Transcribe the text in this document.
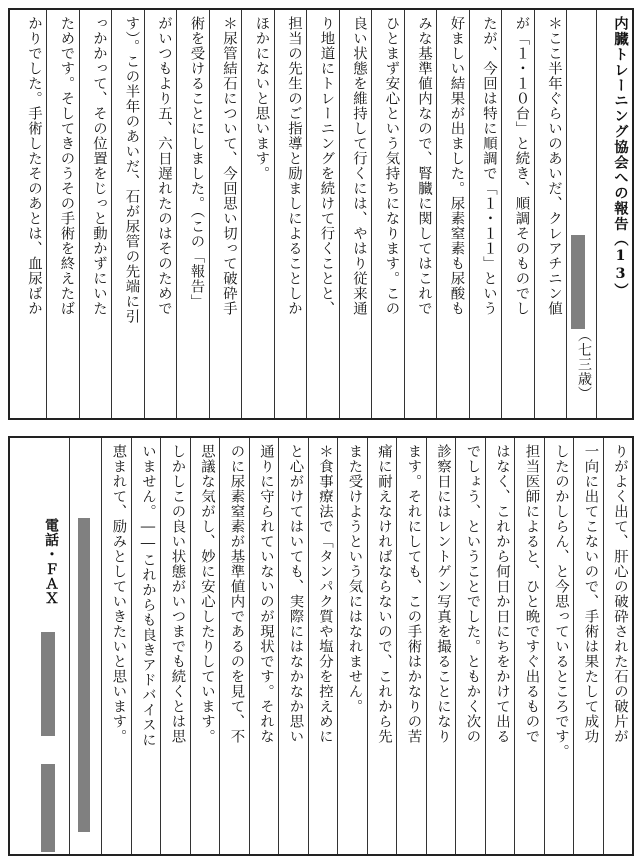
内臓トレーニング協会への報告（13）
（七三歳）
＊ここ半年ぐらいのあいだ、クレアチニン値
が「１・１０台」と続き、順調そのものでし
たが、今回は特に順調で「１・１１」という
好ましい結果が出ました。尿素窒素も尿酸も
みな基準値内なので、腎臓に関してはこれで
ひとまず安心という気持ちになります。この
良い状態を維持して行くには、やはり従来通
り地道にトレーニングを続けて行くことと、
担当の先生のご指導と励ましによることしか
ほかにないと思います。
＊尿管結石について、今回思い切って破砕手
術を受けることにしました。（この「報告」
がいつもより五、六日遅れたのはそのためで
す）。この半年のあいだ、石が尿管の先端に引
っかかって、その位置をじっと動かずにいた
ためです。そしてきのうその手術を終えたば
かりでした。手術したそのあとは、血尿ばか
りがよく出て、肝心の破砕された石の破片が
一向に出てこないので、手術は果たして成功
したのかしらん、と今思っているところです。
担当医師によると、ひと晩ですぐ出るもので
はなく、これから何日か日にちをかけて出る
でしょう、ということでした。ともかく次の
診察日にはレントゲン写真を撮ることになり
ます。それにしても、この手術はかなりの苦
痛に耐えなければならないので、これから先
また受けようという気にはなれません。
＊食事療法で「タンパク質や塩分を控えめに
と心がけてはいても、実際にはなかなか思い
通りに守られていないのが現状です。それな
のに尿素窒素が基準値内であるのを見て、不
思議な気がし、妙に安心したりしています。
しかしこの良い状態がいつまでも続くとは思
いません。――これからも良きアドバイスに
恵まれて、励みとしていきたいと思います。
電話・ＦＡＸ
